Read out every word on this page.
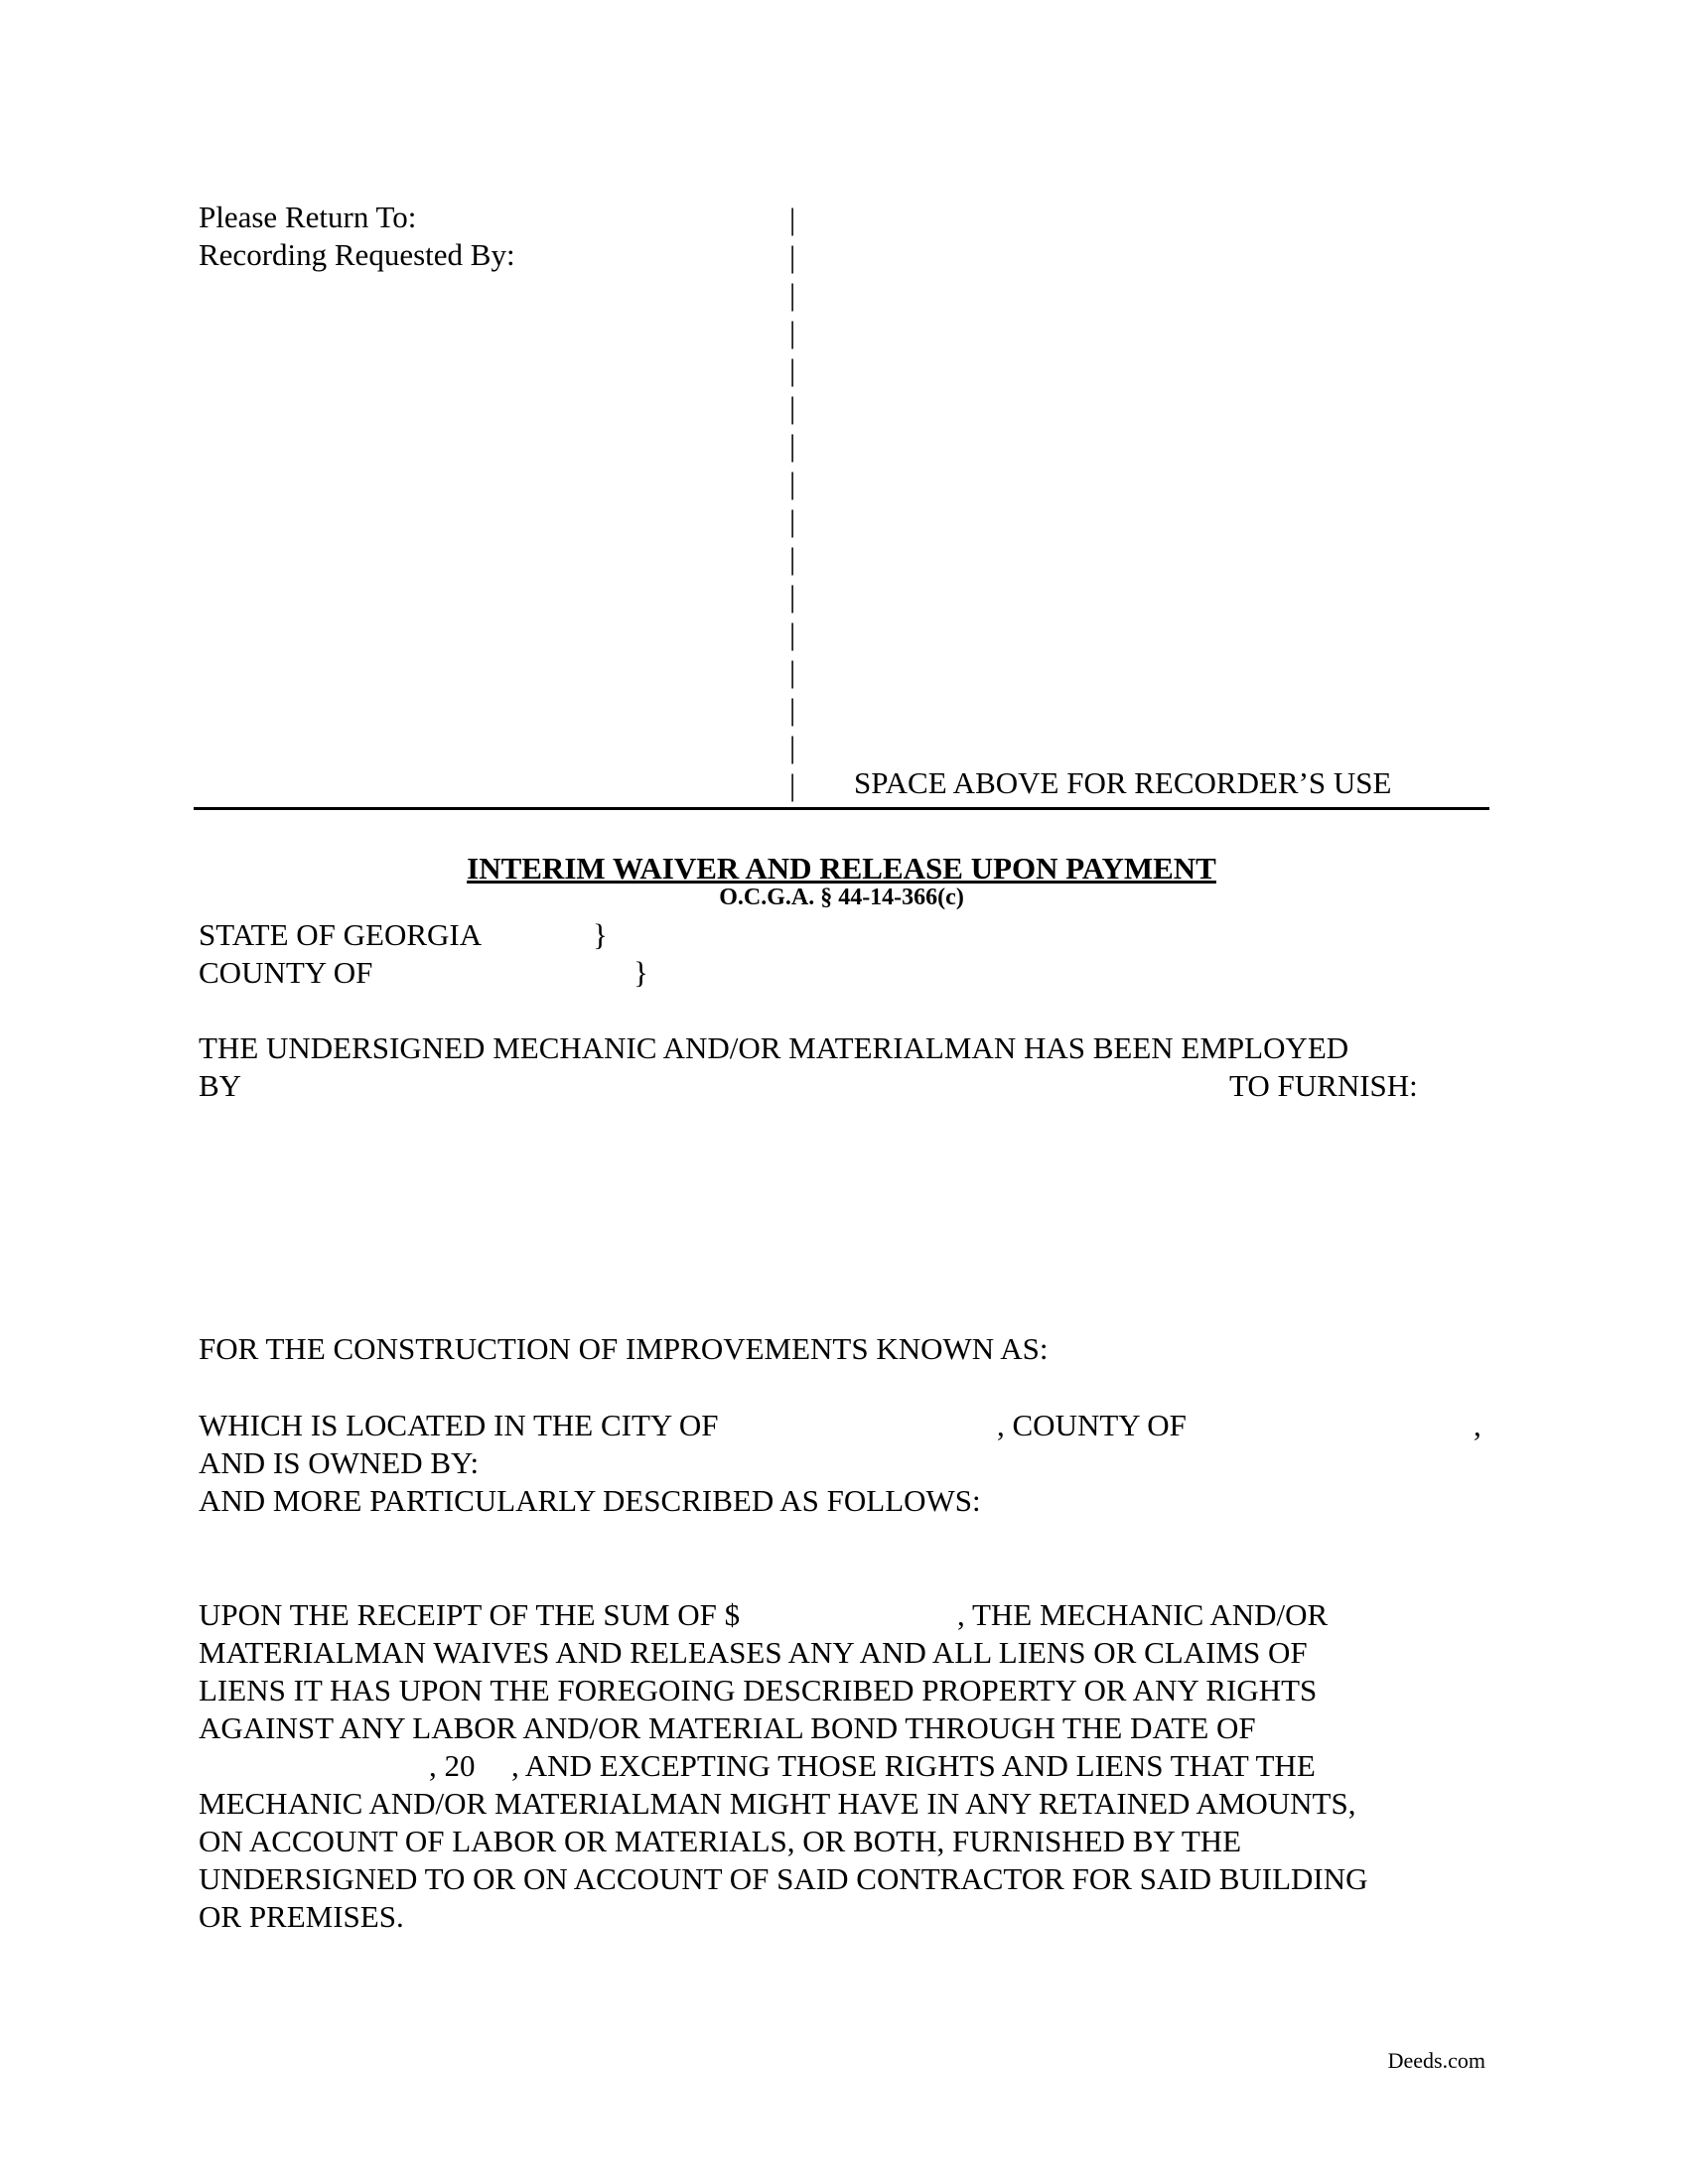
Please Return To:
Recording Requested By:
|
|
|
|
|
|
|
|
|
|
|
|
|
|
|
|	SPACE ABOVE FOR RECORDER’S USE
INTERIM WAIVER AND RELEASE UPON PAYMENT
O.C.G.A. § 44-14-366(c)
STATE OF GEORGIA	}
COUNTY OF	}
THE UNDERSIGNED MECHANIC AND/OR MATERIALMAN HAS BEEN EMPLOYED
BY	TO FURNISH:
FOR THE CONSTRUCTION OF IMPROVEMENTS KNOWN AS:
WHICH IS LOCATED IN THE CITY OF	, COUNTY OF	,
AND IS OWNED BY:
AND MORE PARTICULARLY DESCRIBED AS FOLLOWS:
UPON THE RECEIPT OF THE SUM OF $	, THE MECHANIC AND/OR
MATERIALMAN WAIVES AND RELEASES ANY AND ALL LIENS OR CLAIMS OF
LIENS IT HAS UPON THE FOREGOING DESCRIBED PROPERTY OR ANY RIGHTS
AGAINST ANY LABOR AND/OR MATERIAL BOND THROUGH THE DATE OF
, 20 , AND EXCEPTING THOSE RIGHTS AND LIENS THAT THE
MECHANIC AND/OR MATERIALMAN MIGHT HAVE IN ANY RETAINED AMOUNTS,
ON ACCOUNT OF LABOR OR MATERIALS, OR BOTH, FURNISHED BY THE
UNDERSIGNED TO OR ON ACCOUNT OF SAID CONTRACTOR FOR SAID BUILDING
OR PREMISES.
Deeds.com
